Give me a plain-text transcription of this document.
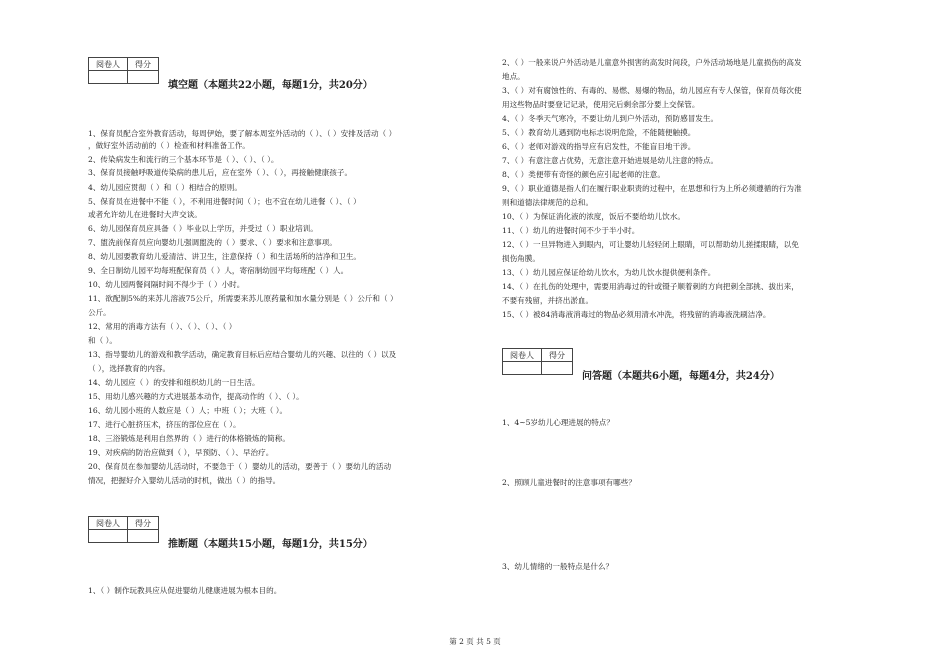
阅卷人	得分

填空题（本题共22小题，每题1分，共20分）
1、保育员配合室外教育活动，每周伊始，要了解本周室外活动的（ ）、（ ）安排及活动（ ）
，做好室外活动前的（ ）检查和材料准备工作。
2、传染病发生和流行的三个基本环节是（ ）、（ ）、（ ）。
3、保育员接触呼吸道传染病的患儿后，应在室外（ ）、（ ），再接触健康孩子。
4、幼儿园应贯彻（ ）和（ ）相结合的原则。
5、保育员在进餐中不能（ ），不利用进餐时间（ ）；也不宜在幼儿进餐（ ）、（ ）
或者允许幼儿在进餐时大声交谈。
6、幼儿园保育员应具备（ ）毕业以上学历，并受过（ ）职业培训。
7、盥洗前保育员应向婴幼儿强调盥洗的（ ）要求、（ ）要求和注意事项。
8、幼儿园要教育幼儿爱清洁、讲卫生，注意保持（ ）和生活场所的洁净和卫生。
9、全日制幼儿园平均每班配保育员（ ）人，寄宿制幼园平均每班配（ ）人。
10、幼儿园两餐间隔时间不得少于（ ）小时。
11、欲配制5%的来苏儿溶液75公斤，所需要来苏儿原药量和加水量分别是（ ）公斤和（ ）
公斤。
12、常用的消毒方法有（ ）、（ ）、（ ）、（ ）
和（ ）。
13、指导婴幼儿的游戏和教学活动，确定教育目标后应结合婴幼儿的兴趣、以往的（ ）以及
（ ），选择教育的内容。
14、幼儿园应（ ）的安排和组织幼儿的一日生活。
15、用幼儿感兴趣的方式进展基本动作，提高动作的（ ）、（ ）。
16、幼儿园小班的人数应是（ ）人；中班（ ）；大班（ ）。
17、进行心脏挤压术，挤压的部位应在（ ）。
18、三浴锻炼是利用自然界的（ ）进行的体格锻炼的简称。
19、对疾病的防治应做到（ ），早预防、（ ）、早治疗。
20、保育员在参加婴幼儿活动时，不要急于（ ）婴幼儿的活动，要善于（ ）要幼儿的活动
情况，把握好介入婴幼儿活动的时机，做出（ ）的指导。
阅卷人	得分

推断题（本题共15小题，每题1分，共15分）
1、（ ）制作玩教具应从促进婴幼儿健康进展为根本目的。
2、（ ）一般来说户外活动是儿童意外损害的高发时间段，户外活动场地是儿童损伤的高发
地点。
3、（ ）对有腐蚀性的、有毒的、易燃、易爆的物品，幼儿园应有专人保管，保育员每次使
用这些物品时要登记记录，使用完后剩余部分要上交保管。
4、（ ）冬季天气寒冷，不要让幼儿到户外活动，预防感冒发生。
5、（ ）教育幼儿遇到防电标志说明危险，不能随便触摸。
6、（ ）老师对游戏的指导应有启发性，不能盲目地干涉。
7、（ ）有意注意占优势，无意注意开始进展是幼儿注意的特点。
8、（ ）类便带有奇怪的颜色应引起老师的注意。
9、（ ）职业道德是指人们在履行职业职责的过程中，在思想和行为上所必须遵循的行为准
则和道德法律规范的总和。
10、（ ）为保证消化液的浓度，饭后不要给幼儿饮水。
11、（ ）幼儿的进餐时间不少于半小时。
12、（ ）一旦异物进入到眼内，可让婴幼儿轻轻闭上眼睛，可以帮助幼儿搓揉眼睛，以免
损伤角膜。
13、（ ）幼儿园应保证给幼儿饮水，为幼儿饮水提供便利条件。
14、（ ）在扎伤的处理中，需要用消毒过的针或镊子顺着刺的方向把刺全部挑、拔出来，
不要有残留，并挤出淤血。
15、（ ）被84消毒液消毒过的物品必须用清水冲洗，将残留的消毒液洗刷洁净。
阅卷人	得分

问答题（本题共6小题，每题4分，共24分）
1、4~5岁幼儿心理进展的特点？
2、照顾儿童进餐时的注意事项有哪些？
3、幼儿情绪的一般特点是什么？
第 2 页 共 5 页
